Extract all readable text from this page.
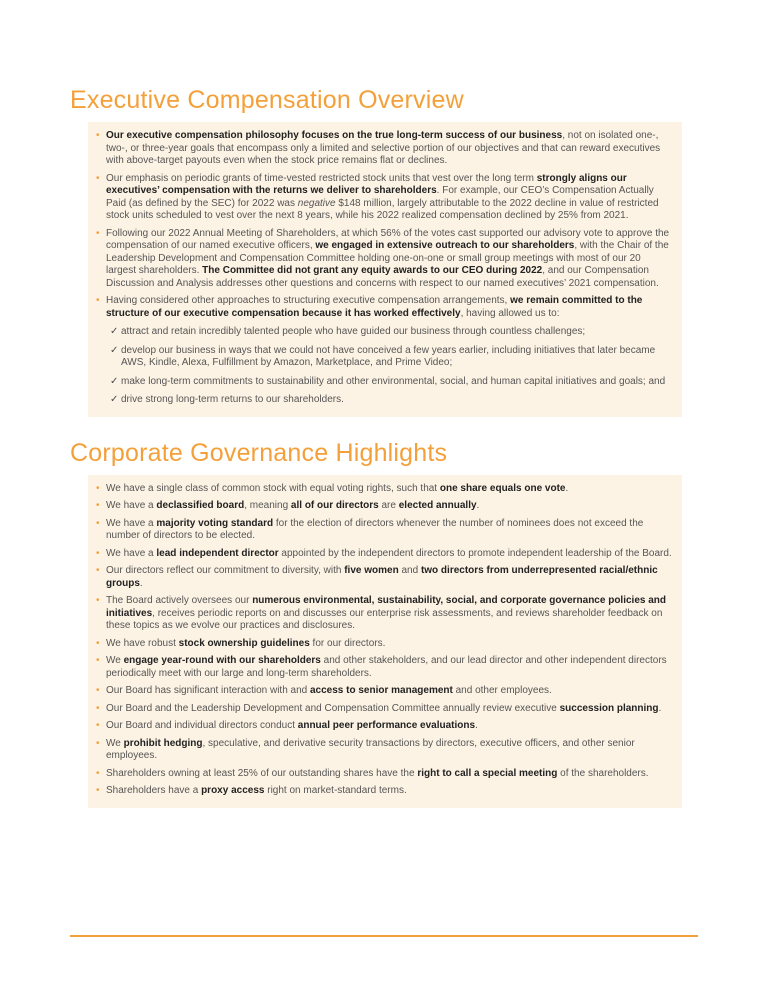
Executive Compensation Overview
• Our executive compensation philosophy focuses on the true long-term success of our business, not on isolated one-, two-, or three-year goals that encompass only a limited and selective portion of our objectives and that can reward executives with above-target payouts even when the stock price remains flat or declines.
• Our emphasis on periodic grants of time-vested restricted stock units that vest over the long term strongly aligns our executives’ compensation with the returns we deliver to shareholders. For example, our CEO’s Compensation Actually Paid (as defined by the SEC) for 2022 was negative $148 million, largely attributable to the 2022 decline in value of restricted stock units scheduled to vest over the next 8 years, while his 2022 realized compensation declined by 25% from 2021.
• Following our 2022 Annual Meeting of Shareholders, at which 56% of the votes cast supported our advisory vote to approve the compensation of our named executive officers, we engaged in extensive outreach to our shareholders, with the Chair of the Leadership Development and Compensation Committee holding one-on-one or small group meetings with most of our 20 largest shareholders. The Committee did not grant any equity awards to our CEO during 2022, and our Compensation Discussion and Analysis addresses other questions and concerns with respect to our named executives’ 2021 compensation.
• Having considered other approaches to structuring executive compensation arrangements, we remain committed to the structure of our executive compensation because it has worked effectively, having allowed us to:
✓ attract and retain incredibly talented people who have guided our business through countless challenges;
✓ develop our business in ways that we could not have conceived a few years earlier, including initiatives that later became AWS, Kindle, Alexa, Fulfillment by Amazon, Marketplace, and Prime Video;
✓ make long-term commitments to sustainability and other environmental, social, and human capital initiatives and goals; and
✓ drive strong long-term returns to our shareholders.
Corporate Governance Highlights
• We have a single class of common stock with equal voting rights, such that one share equals one vote.
• We have a declassified board, meaning all of our directors are elected annually.
• We have a majority voting standard for the election of directors whenever the number of nominees does not exceed the number of directors to be elected.
• We have a lead independent director appointed by the independent directors to promote independent leadership of the Board.
• Our directors reflect our commitment to diversity, with five women and two directors from underrepresented racial/ethnic groups.
• The Board actively oversees our numerous environmental, sustainability, social, and corporate governance policies and initiatives, receives periodic reports on and discusses our enterprise risk assessments, and reviews shareholder feedback on these topics as we evolve our practices and disclosures.
• We have robust stock ownership guidelines for our directors.
• We engage year-round with our shareholders and other stakeholders, and our lead director and other independent directors periodically meet with our large and long-term shareholders.
• Our Board has significant interaction with and access to senior management and other employees.
• Our Board and the Leadership Development and Compensation Committee annually review executive succession planning.
• Our Board and individual directors conduct annual peer performance evaluations.
• We prohibit hedging, speculative, and derivative security transactions by directors, executive officers, and other senior employees.
• Shareholders owning at least 25% of our outstanding shares have the right to call a special meeting of the shareholders.
• Shareholders have a proxy access right on market-standard terms.
